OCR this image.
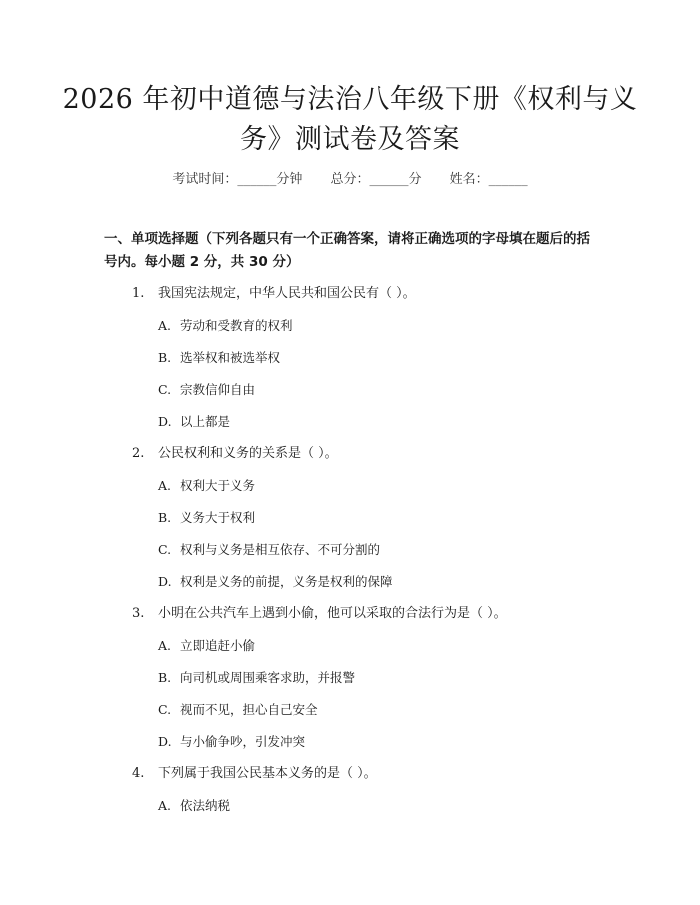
2026 年初中道德与法治八年级下册《权利与义务》测试卷及答案
考试时间：______分钟 总分：______分 姓名：______
一、单项选择题（下列各题只有一个正确答案，请将正确选项的字母填在题后的括号内。每小题 2 分，共 30 分）
1. 我国宪法规定，中华人民共和国公民有（ ）。
A. 劳动和受教育的权利
B. 选举权和被选举权
C. 宗教信仰自由
D. 以上都是
2. 公民权利和义务的关系是（ ）。
A. 权利大于义务
B. 义务大于权利
C. 权利与义务是相互依存、不可分割的
D. 权利是义务的前提，义务是权利的保障
3. 小明在公共汽车上遇到小偷，他可以采取的合法行为是（ ）。
A. 立即追赶小偷
B. 向司机或周围乘客求助，并报警
C. 视而不见，担心自己安全
D. 与小偷争吵，引发冲突
4. 下列属于我国公民基本义务的是（ ）。
A. 依法纳税
